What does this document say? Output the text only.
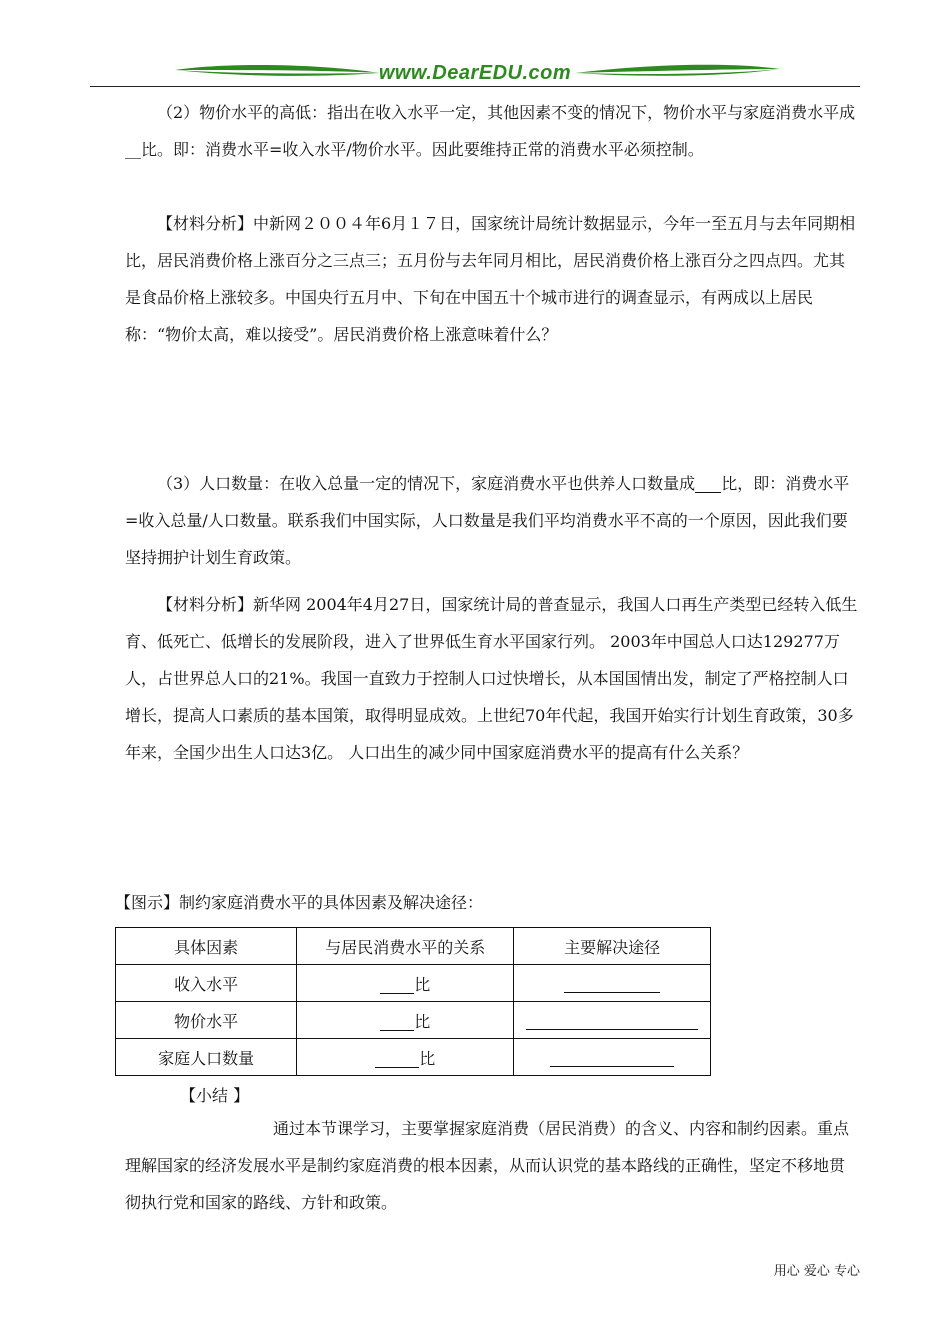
www.DearEDU.com

（2）物价水平的高低：指出在收入水平一定，其他因素不变的情况下，物价水平与家庭消费水平成__比。即：消费水平=收入水平/物价水平。因此要维持正常的消费水平必须控制。

【材料分析】中新网２００４年6月１７日，国家统计局统计数据显示，今年一至五月与去年同期相比，居民消费价格上涨百分之三点三；五月份与去年同月相比，居民消费价格上涨百分之四点四。尤其是食品价格上涨较多。中国央行五月中、下旬在中国五十个城市进行的调查显示，有两成以上居民称：“物价太高，难以接受”。居民消费价格上涨意味着什么？

（3）人口数量：在收入总量一定的情况下，家庭消费水平也供养人口数量成 比，即：消费水平=收入总量/人口数量。联系我们中国实际，人口数量是我们平均消费水平不高的一个原因，因此我们要坚持拥护计划生育政策。

【材料分析】新华网 2004年4月27日，国家统计局的普查显示，我国人口再生产类型已经转入低生育、低死亡、低增长的发展阶段，进入了世界低生育水平国家行列。 2003年中国总人口达129277万人，占世界总人口的21%。我国一直致力于控制人口过快增长，从本国国情出发，制定了严格控制人口增长，提高人口素质的基本国策，取得明显成效。上世纪70年代起，我国开始实行计划生育政策，30多年来，全国少出生人口达3亿。 人口出生的减少同中国家庭消费水平的提高有什么关系？

【图示】制约家庭消费水平的具体因素及解决途径：

具体因素	与居民消费水平的关系	主要解决途径
收入水平	比	
物价水平	比	
家庭人口数量	比	

【小结 】

通过本节课学习，主要掌握家庭消费（居民消费）的含义、内容和制约因素。重点理解国家的经济发展水平是制约家庭消费的根本因素，从而认识党的基本路线的正确性，坚定不移地贯彻执行党和国家的路线、方针和政策。

用心 爱心 专心
